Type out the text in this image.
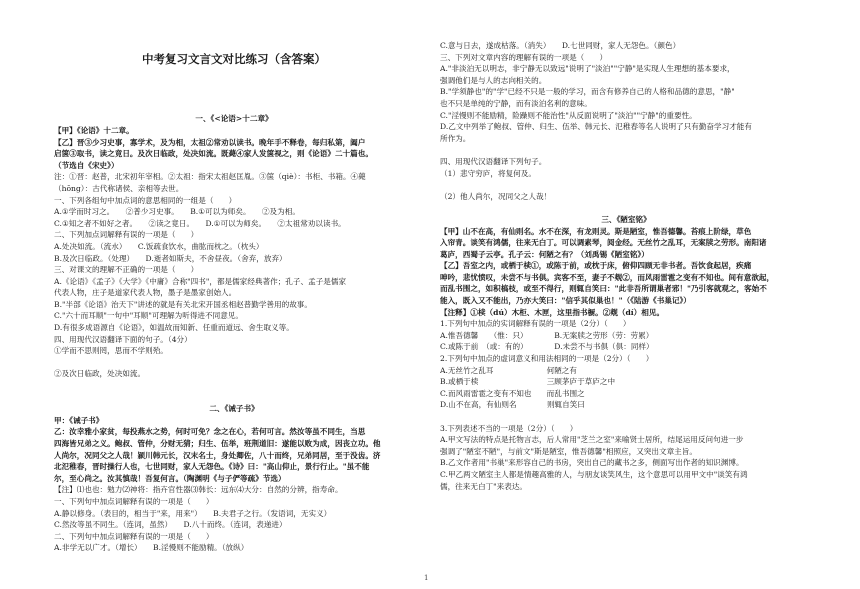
中考复习文言文对比练习（含答案）
一、《<论语>十二章》
【甲】《论语》十二章。
【乙】晋③少习史事，寡学术，及为相，太祖②常劝以读书。晚年手不释卷，每归私第，阖户
启箧③取书，读之竟日。及次日临政，处决如流。既薨④家人发箧视之，则《论语》二十篇也。
（节选自《宋史》）
注：①晋：赵普，北宋初年宰相。②太祖：指宋太祖赵匡胤。③箧（qiè）：书柜、书箱。④薨
（hōng）：古代称诸侯、亲相等去世。
一、下列各组句中加点词的意思相同的一组是（　　）
A.①学而时习之。　　②普少习史事。　　B.①可以为师矣。　　②及为相。
C.①知之者不如好之者。　　②读之竟日。　　D.①可以为师矣。　　②太祖常劝以读书。
二、下列加点词解释有误的一项是（　　）
A.处决如流。（流水）　　C.饭疏食饮水，曲肱而枕之。（枕头）
B.及次日临政。（处理）　　D.逝者如斯夫，不舍昼夜。（舍弃，放弃）
三、对课文的理解不正确的一项是（　　）
A.《论语》《孟子》《大学》《中庸》合称"四书"，都是儒家经典著作；孔子、孟子是儒家
代表人物，庄子是道家代表人物，墨子是墨家创始人。
B."半部《论语》治天下"讲述的就是有关北宋开国丞相赵普勤学善用的故事。
C."六十而耳顺"一句中"耳顺"可理解为听得进不同意见。
D.有很多成语源自《论语》，如温故而知新、任重而道远、舍生取义等。
四、用现代汉语翻译下面的句子。（4分）
①学而不思则罔，思而不学则殆。
②及次日临政，处决如流。
二、《诫子书》
甲：《诫子书》
乙：汝幸雅小家贫，每投燕水之势，何时可免？念之在心，若何可言。然汝等虽不同生，当思
四海皆兄弟之义。鲍叔、管仲，分财无猜；归生、伍举，班荆道旧：遂能以败为成，因丧立功。他
人尚尔，况同父之人哉！颍川韩元长，汉末名士，身处卿佐，八十而终，兄弟同居，至于没齿。济
北氾稚春，晋时操行人也，七世同财，家人无怨色。《诗》曰："高山仰止，景行行止。"虽不能
尔，至心尚之。汝其慎哉！吾复何言。（陶渊明《与子俨等疏》节选）
【注】⑴也也：勉力⑵神将：指卉官性器⑶韩长：远东⑷大分：自然的分辨，指寿命。
一、下列句中加点词解释有误的一项是（　　）
A.静以修身。（表目的，相当于"来，用来"）　　B.夫君子之行。（发语词，无实义）
C.然汝等虽不同生。（连词，虽然）　　D.八十而终。（连词，表递进）
二、下列句中加点词解释有误的一项是（　　）
A.非学无以广才。（增长）　　B.淫慢则不能励精。（放纵）
C.意与日去，遂成枯落。（消失）　　D.七世同财，家人无怨色。（颜色）
三、下列对文章内容的理解有误的一项是（　　）
A."非淡泊无以明志，非宁静无以致远"说明了"淡泊""宁静"是实现人生理想的基本要求，
强调他们是与人的志向相关的。
B."学须静也"的"学"已经不只是一般的学习，而含有修养自己的人格和品德的意思，"静"
也不只是单纯的宁静，而有淡泊名利的意味。
C."淫慢则不能励精，险躁则不能治性"从反面说明了"淡泊""宁静"的重要性。
D.乙文中列举了鲍叔、管仲、归生、伍举、韩元长、氾稚春等名人说明了只有勤奋学习才能有
所作为。
四、用现代汉语翻译下列句子。
（1）悲守穷庐，将复何及。
（2）他人尚尔，况同父之人哉！
三、《陋室铭》
【甲】山不在高，有仙则名。水不在深，有龙则灵。斯是陋室，惟吾德馨。苔痕上阶绿，草色
入帘青。谈笑有鸿儒，往来无白丁。可以调素琴，阅金经。无丝竹之乱耳，无案牍之劳形。南阳诸
葛庐，西蜀子云亭。孔子云：何陋之有？（刘禹锡《陋室铭》）
【乙】吾室之内，或栖于椟①，或陈于前，或枕于床，俯仰四顾无非书者。吾饮食起居，疾痛
呻吟，悲忧愤叹，未尝不与书俱。宾客不至，妻子不觌②，而风雨雷雹之变有不知也。间有意欲起，
而乱书围之，如积槁枝，或至不得行，则辄自笑曰："此非吾所谓巢者邪！"乃引客就观之，客始不
能入，既入又不能出，乃亦大笑曰："信乎其似巢也！"（《陆游《书巢记》）
【注释】①椟（dú）木柜、木匣，这里指书橱。②觌（dí）相见。
1.下列句中加点的实词解释有误的一项是（2分）（　　）
A.惟吾德馨　　（惟：只）　　　　B.无案牍之劳形（劳：劳累）
C.或陈于前　（或：有的）　　　　D.未尝不与书俱（俱：同样）
2.下列句中加点的虚词意义和用法相同的一项是（2分）（　　）
A.无丝竹之乱耳　　　　　　　何陋之有
B.或栖于椟　　　　　　　　　三顾茅庐于草庐之中
C.而风雨雷雹之变有不知也　　而乱书围之
D.山不在高，有仙则名　　　　则辄自笑曰
3.下列表述不当的一项是（2分）（　　）
A.甲文写法的特点是托物言志，后人常用"芝兰之室"来喻贤士居所，结尾运用反问句进一步
强调了"陋室不陋"，与前文"斯是陋室，惟吾德馨"相照应，又突出文章主旨。
B.乙文作者用"书巢"来形容自己的书房，突出自己的藏书之多，侧面写出作者的知识渊博。
C.甲乙两文陋室主人都是情趣高雅的人，与朋友谈笑风生，这个意思可以用甲文中"谈笑有鸿
儒，往来无白丁"来表达。
1
